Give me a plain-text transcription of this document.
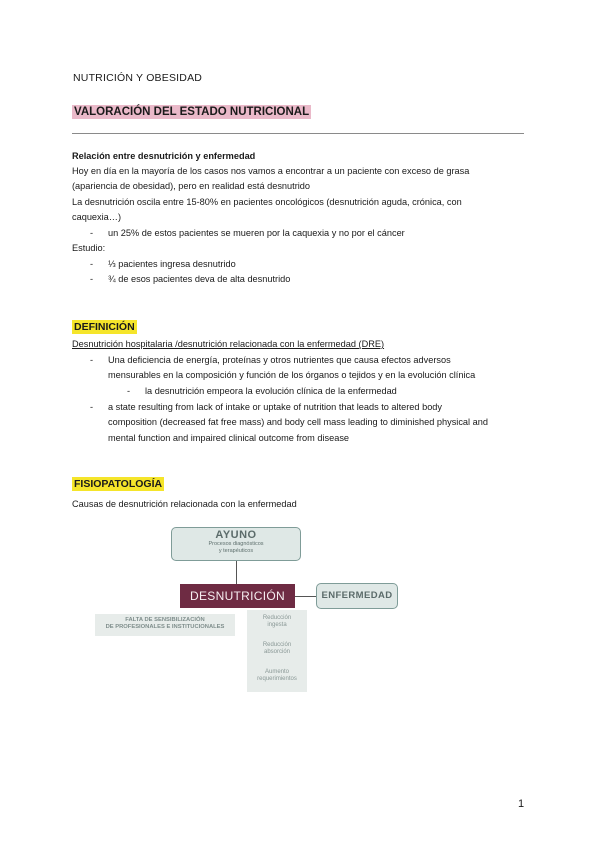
NUTRICIÓN Y OBESIDAD
VALORACIÓN DEL ESTADO NUTRICIONAL
Relación entre desnutrición y enfermedad
Hoy en día en la mayoría de los casos nos vamos a encontrar a un paciente con exceso de grasa
(apariencia de obesidad), pero en realidad está desnutrido
La desnutrición oscila entre 15-80% en pacientes oncológicos (desnutrición aguda, crónica, con
caquexia…)
- un 25% de estos pacientes se mueren por la caquexia y no por el cáncer
Estudio:
- ⅓ pacientes ingresa desnutrido
- ¾ de esos pacientes deva de alta desnutrido
DEFINICIÓN
Desnutrición hospitalaria /desnutrición relacionada con la enfermedad (DRE)
- Una deficiencia de energía, proteínas y otros nutrientes que causa efectos adversos
mensurables en la composición y función de los órganos o tejidos y en la evolución clínica
- la desnutrición empeora la evolución clínica de la enfermedad
- a state resulting from lack of intake or uptake of nutrition that leads to altered body
composition (decreased fat free mass) and body cell mass leading to diminished physical and
mental function and impaired clinical outcome from disease
FISIOPATOLOGÍA
Causas de desnutrición relacionada con la enfermedad
AYUNO
Procesos diagnósticos
y terapéuticos
DESNUTRICIÓN	ENFERMEDAD
FALTA DE SENSIBILIZACIÓN
DE PROFESIONALES E INSTITUCIONALES
Reducción
ingesta
Reducción
absorción
Aumento
requerimientos
1
